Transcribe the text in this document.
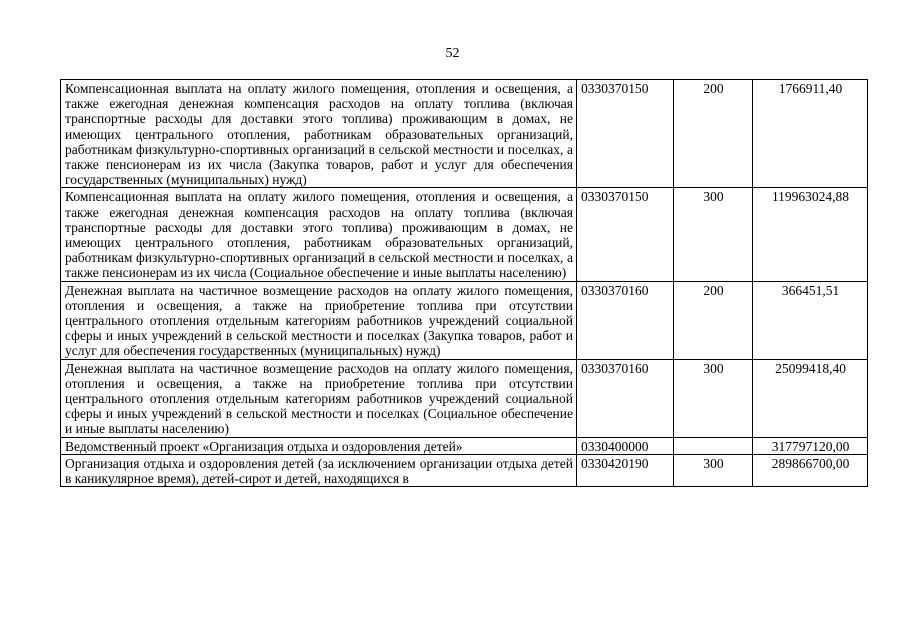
52
Компенсационная выплата на оплату жилого помещения, отопления и освещения, а также ежегодная денежная компенсация расходов на оплату топлива (включая транспортные расходы для доставки этого топлива) проживающим в домах, не имеющих центрального отопления, работникам образовательных организаций, работникам физкультурно-спортивных организаций в сельской местности и поселках, а также пенсионерам из их числа (Закупка товаров, работ и услуг для обеспечения государственных (муниципальных) нужд)	0330370150	200	1766911,40
Компенсационная выплата на оплату жилого помещения, отопления и освещения, а также ежегодная денежная компенсация расходов на оплату топлива (включая транспортные расходы для доставки этого топлива) проживающим в домах, не имеющих центрального отопления, работникам образовательных организаций, работникам физкультурно-спортивных организаций в сельской местности и поселках, а также пенсионерам из их числа (Социальное обеспечение и иные выплаты населению)	0330370150	300	119963024,88
Денежная выплата на частичное возмещение расходов на оплату жилого помещения, отопления и освещения, а также на приобретение топлива при отсутствии центрального отопления отдельным категориям работников учреждений социальной сферы и иных учреждений в сельской местности и поселках (Закупка товаров, работ и услуг для обеспечения государственных (муниципальных) нужд)	0330370160	200	366451,51
Денежная выплата на частичное возмещение расходов на оплату жилого помещения, отопления и освещения, а также на приобретение топлива при отсутствии центрального отопления отдельным категориям работников учреждений социальной сферы и иных учреждений в сельской местности и поселках (Социальное обеспечение и иные выплаты населению)	0330370160	300	25099418,40
Ведомственный проект «Организация отдыха и оздоровления детей»	0330400000		317797120,00

Организация отдыха и оздоровления детей (за исключением организации отдыха детей в каникулярное время), детей-сирот и детей, находящихся в	0330420190	300	289866700,00
